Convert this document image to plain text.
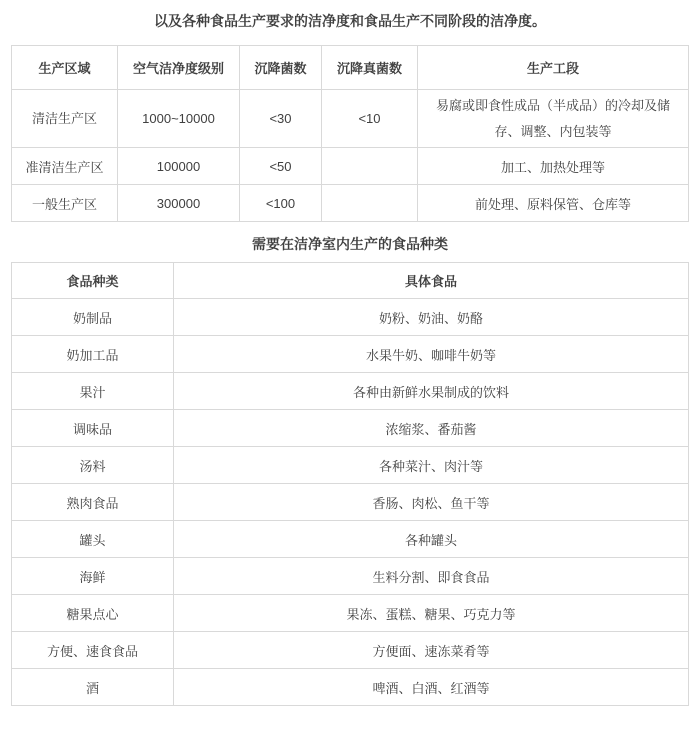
以及各种食品生产要求的洁净度和食品生产不同阶段的洁净度。
生产区域	空气洁净度级别	沉降菌数	沉降真菌数	生产工段
清洁生产区	1000~10000	<30	<10	易腐或即食性成品（半成品）的冷却及储存、调整、内包装等
准清洁生产区	100000	<50		加工、加热处理等
一般生产区	300000	<100		前处理、原料保管、仓库等
需要在洁净室内生产的食品种类
食品种类	具体食品
奶制品	奶粉、奶油、奶酪
奶加工品	水果牛奶、咖啡牛奶等
果汁	各种由新鲜水果制成的饮料
调味品	浓缩浆、番茄酱
汤料	各种菜汁、肉汁等
熟肉食品	香肠、肉松、鱼干等
罐头	各种罐头
海鲜	生料分割、即食食品
糖果点心	果冻、蛋糕、糖果、巧克力等
方便、速食食品	方便面、速冻菜肴等
酒	啤酒、白酒、红酒等
